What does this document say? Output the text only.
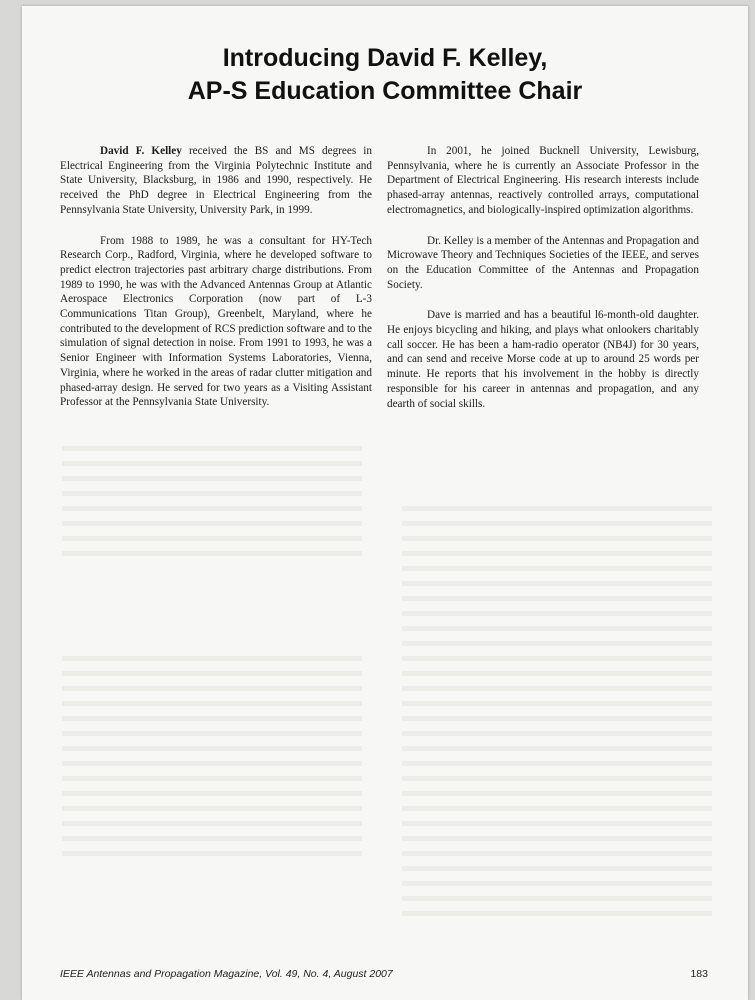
Introducing David F. Kelley,
AP-S Education Committee Chair

David F. Kelley received the BS and MS degrees in Electrical Engineering from the Virginia Polytechnic Institute and State University, Blacksburg, in 1986 and 1990, respectively. He received the PhD degree in Electrical Engineering from the Pennsylvania State University, University Park, in 1999.

From 1988 to 1989, he was a consultant for HY-Tech Research Corp., Radford, Virginia, where he developed software to predict electron trajectories past arbitrary charge distributions. From 1989 to 1990, he was with the Advanced Antennas Group at Atlantic Aerospace Electronics Corporation (now part of L-3 Communications Titan Group), Greenbelt, Maryland, where he contributed to the development of RCS prediction software and to the simulation of signal detection in noise. From 1991 to 1993, he was a Senior Engineer with Information Systems Laboratories, Vienna, Virginia, where he worked in the areas of radar clutter mitigation and phased-array design. He served for two years as a Visiting Assistant Professor at the Pennsylvania State University.

In 2001, he joined Bucknell University, Lewisburg, Pennsylvania, where he is currently an Associate Professor in the Department of Electrical Engineering. His research interests include phased-array antennas, reactively controlled arrays, computational electromagnetics, and biologically-inspired optimization algorithms.

Dr. Kelley is a member of the Antennas and Propagation and Microwave Theory and Techniques Societies of the IEEE, and serves on the Education Committee of the Antennas and Propagation Society.

Dave is married and has a beautiful l6-month-old daughter. He enjoys bicycling and hiking, and plays what onlookers charitably call soccer. He has been a ham-radio operator (NB4J) for 30 years, and can send and receive Morse code at up to around 25 words per minute. He reports that his involvement in the hobby is directly responsible for his career in antennas and propagation, and any dearth of social skills.

IEEE Antennas and Propagation Magazine, Vol. 49, No. 4, August 2007	183
